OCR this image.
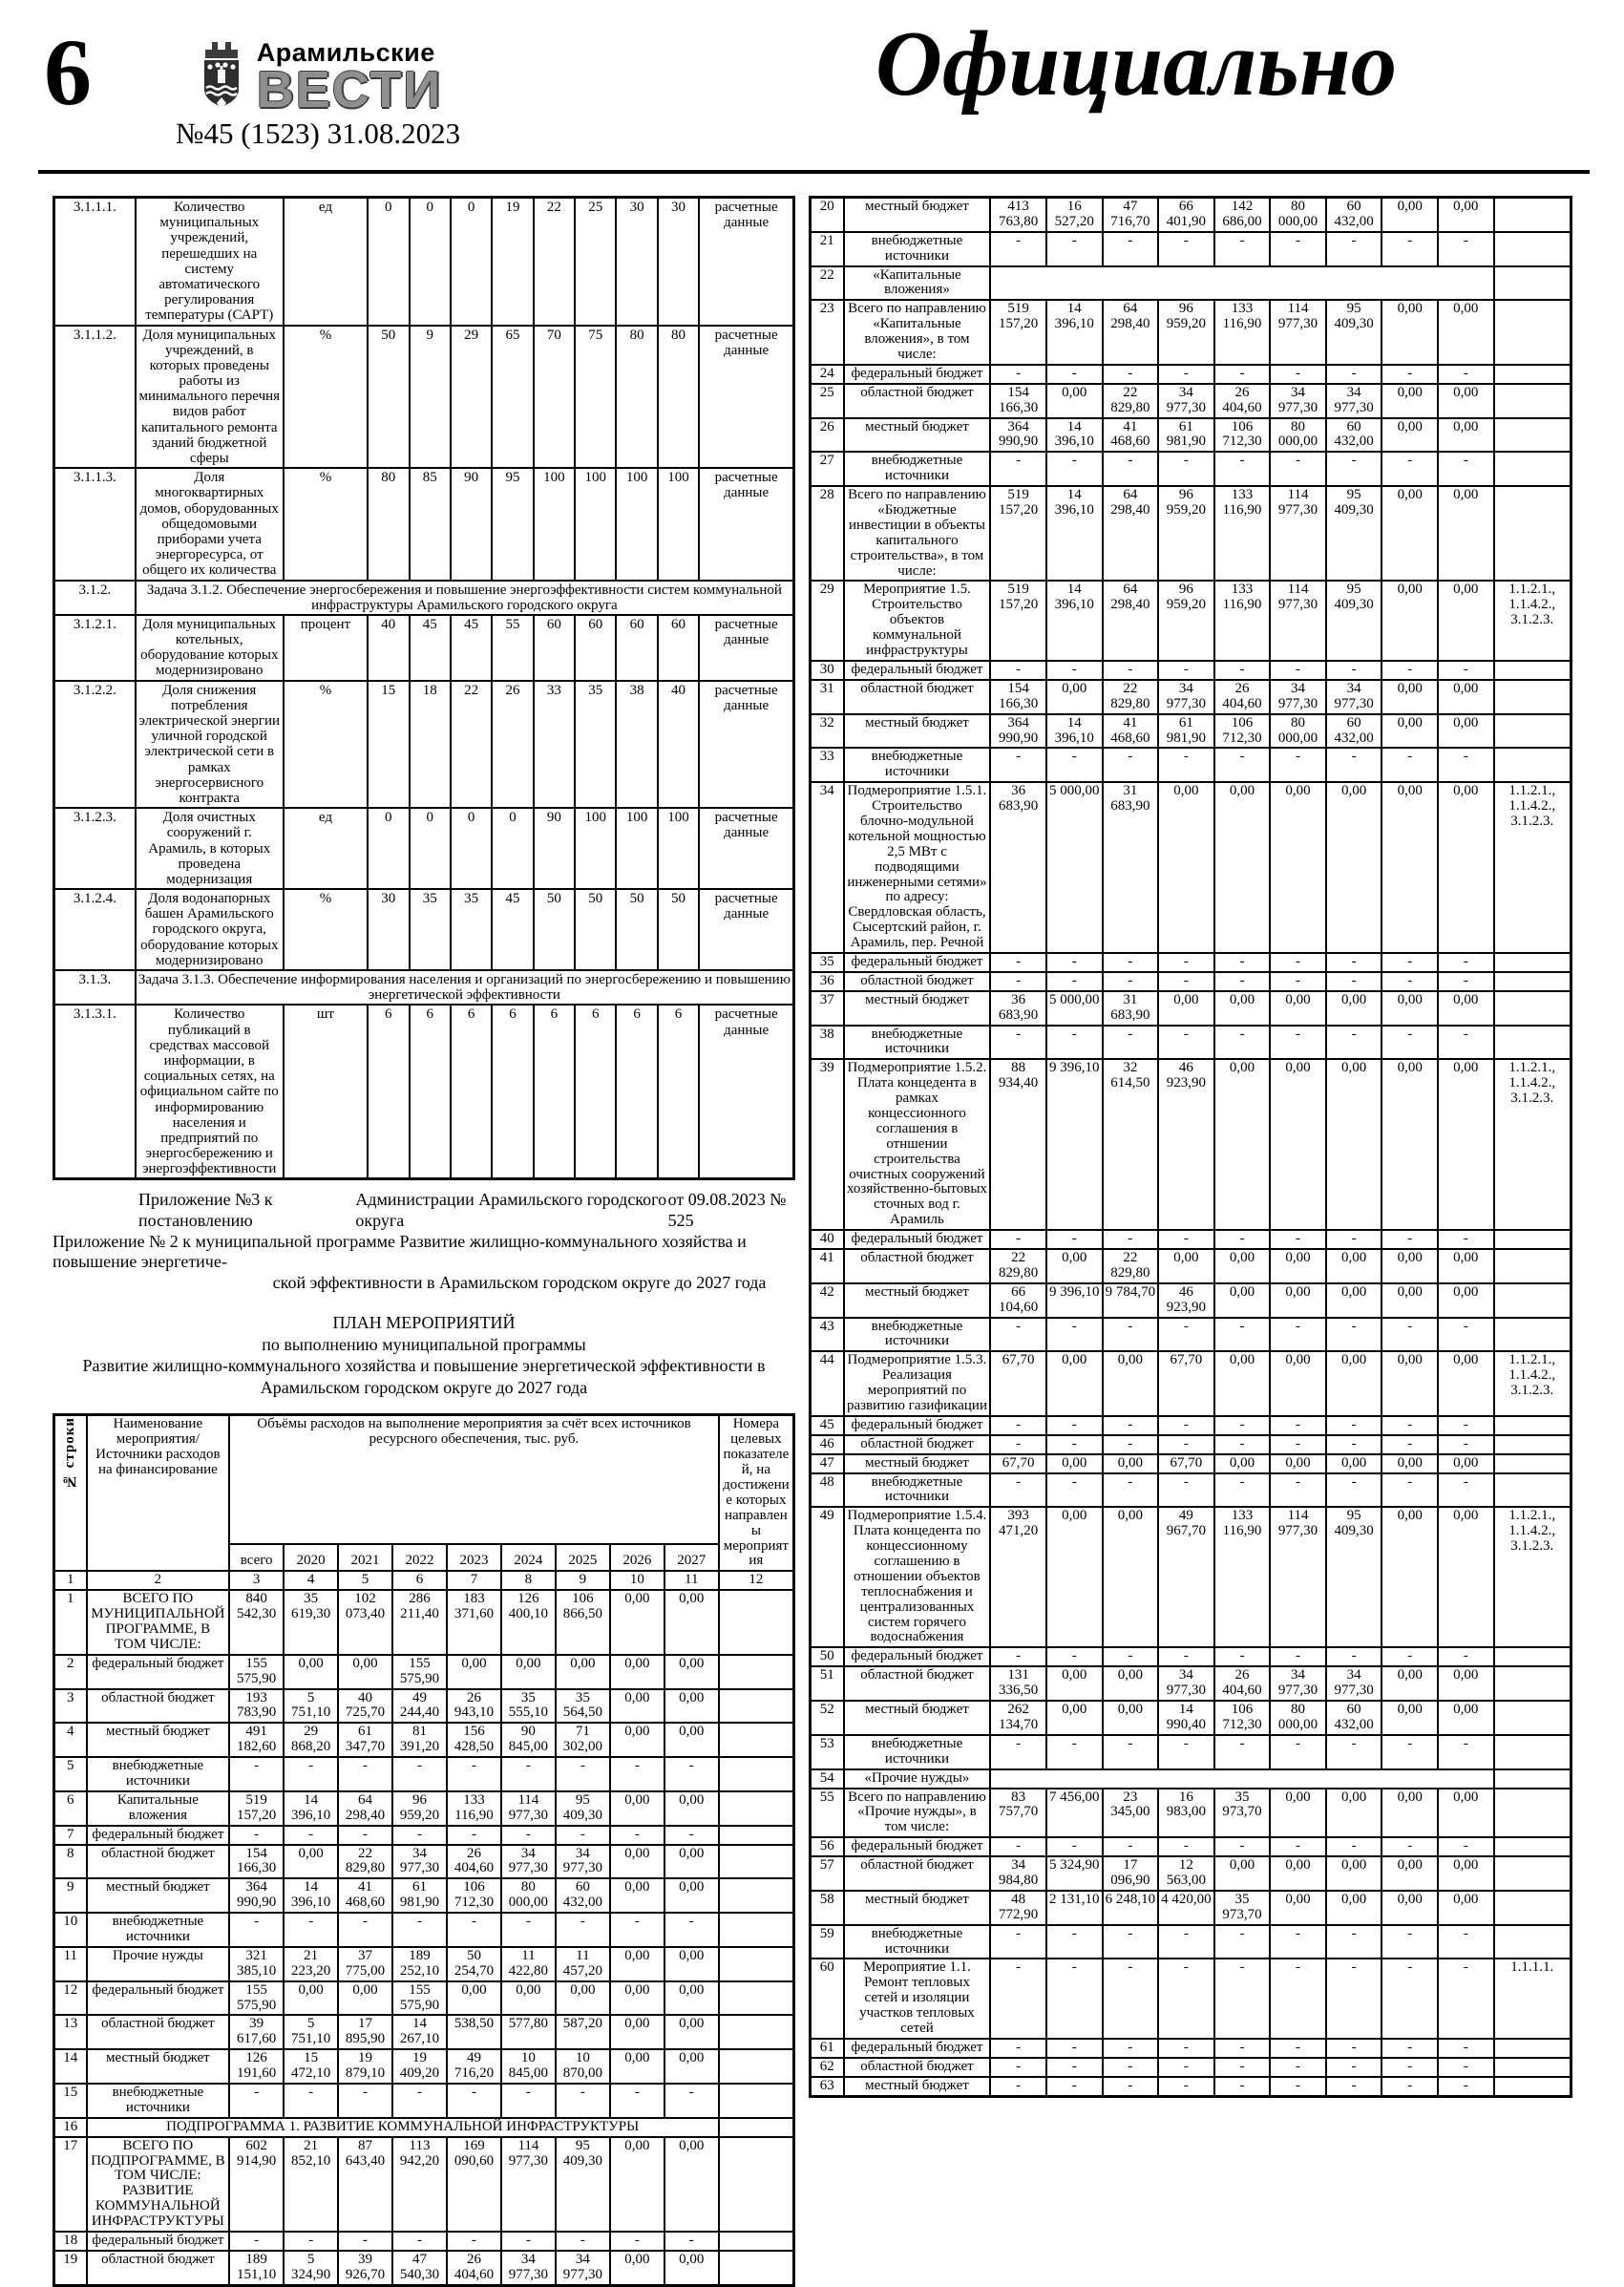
6	Арамильские
ВЕСТИ
№45 (1523) 31.08.2023
Официально
3.1.1.1.	Количество муниципальных учреждений, перешедших на систему автоматического регулирования температуры (САРТ)	ед	0	0	0	19	22	25	30	30	расчетные данные
3.1.1.2.	Доля муниципальных учреждений, в которых проведены работы из минимального перечня видов работ капитального ремонта зданий бюджетной сферы	%	50	9	29	65	70	75	80	80	расчетные данные
3.1.1.3.	Доля многоквартирных домов, оборудованных общедомовыми приборами учета энергоресурса, от общего их количества	%	80	85	90	95	100	100	100	100	расчетные данные
3.1.2.	Задача 3.1.2. Обеспечение энергосбережения и повышение энергоэффективности систем коммунальной инфраструктуры Арамильского городского округа										
3.1.2.1.	Доля муниципальных котельных, оборудование которых модернизировано	процент	40	45	45	55	60	60	60	60	расчетные данные
3.1.2.2.	Доля снижения потребления электрической энергии уличной городской электрической сети в рамках энергосервисного контракта	%	15	18	22	26	33	35	38	40	расчетные данные
3.1.2.3.	Доля очистных сооружений г. Арамиль, в которых проведена модернизация	ед	0	0	0	0	90	100	100	100	расчетные данные
3.1.2.4.	Доля водонапорных башен Арамильского городского округа, оборудование которых модернизировано	%	30	35	35	45	50	50	50	50	расчетные данные
3.1.3.	Задача 3.1.3. Обеспечение информирования населения и организаций по энергосбережению и повышению энергетической эффективности										
3.1.3.1.	Количество публикаций в средствах массовой информации, в социальных сетях, на официальном сайте по информированию населения и предприятий по энергосбережению и энергоэффективности	шт	6	6	6	6	6	6	6	6	расчетные данные
Приложение №3 к постановлению
Администрации Арамильского городского округа
от 09.08.2023 № 525
Приложение № 2 к муниципальной программе Развитие жилищно-коммунального хозяйства и повышение энергетиче-
ской эффективности в Арамильском городском округе до 2027 года
ПЛАН МЕРОПРИЯТИЙ
по выполнению муниципальной программы
Развитие жилищно-коммунального хозяйства и повышение энергетической эффективности в Арамильском городском округе до 2027 года
№ строки	Наименование мероприятия/Источники расходов на финансирование	Объёмы расходов на выполнение мероприятия за счёт всех источников ресурсного обеспечения, тыс. руб.									Номера целевых показателей, на достижение которых направлены мероприятия
		всего	2020	2021	2022	2023	2024	2025	2026	2027	
1	2	3	4	5	6	7	8	9	10	11	12
1	ВСЕГО ПО МУНИЦИПАЛЬНОЙ ПРОГРАММЕ, В ТОМ ЧИСЛЕ:	840 542,30	35 619,30	102 073,40	286 211,40	183 371,60	126 400,10	106 866,50	0,00	0,00	
2	федеральный бюджет	155 575,90	0,00	0,00	155 575,90	0,00	0,00	0,00	0,00	0,00	
3	областной бюджет	193 783,90	5 751,10	40 725,70	49 244,40	26 943,10	35 555,10	35 564,50	0,00	0,00	
4	местный бюджет	491 182,60	29 868,20	61 347,70	81 391,20	156 428,50	90 845,00	71 302,00	0,00	0,00	
5	внебюджетные источники	-	-	-	-	-	-	-	-	-	
6	Капитальные вложения	519 157,20	14 396,10	64 298,40	96 959,20	133 116,90	114 977,30	95 409,30	0,00	0,00	
7	федеральный бюджет	-	-	-	-	-	-	-	-	-	
8	областной бюджет	154 166,30	0,00	22 829,80	34 977,30	26 404,60	34 977,30	34 977,30	0,00	0,00	
9	местный бюджет	364 990,90	14 396,10	41 468,60	61 981,90	106 712,30	80 000,00	60 432,00	0,00	0,00	
10	внебюджетные источники	-	-	-	-	-	-	-	-	-	
11	Прочие нужды	321 385,10	21 223,20	37 775,00	189 252,10	50 254,70	11 422,80	11 457,20	0,00	0,00	
12	федеральный бюджет	155 575,90	0,00	0,00	155 575,90	0,00	0,00	0,00	0,00	0,00	
13	областной бюджет	39 617,60	5 751,10	17 895,90	14 267,10	538,50	577,80	587,20	0,00	0,00	
14	местный бюджет	126 191,60	15 472,10	19 879,10	19 409,20	49 716,20	10 845,00	10 870,00	0,00	0,00	
15	внебюджетные источники	-	-	-	-	-	-	-	-	-	
16	ПОДПРОГРАММА 1. РАЗВИТИЕ КОММУНАЛЬНОЙ ИНФРАСТРУКТУРЫ										
17	ВСЕГО ПО ПОДПРОГРАММЕ, В ТОМ ЧИСЛЕ: РАЗВИТИЕ КОММУНАЛЬНОЙ ИНФРАСТРУКТУРЫ	602 914,90	21 852,10	87 643,40	113 942,20	169 090,60	114 977,30	95 409,30	0,00	0,00	
18	федеральный бюджет	-	-	-	-	-	-	-	-	-	
19	областной бюджет	189 151,10	5 324,90	39 926,70	47 540,30	26 404,60	34 977,30	34 977,30	0,00	0,00	
20	местный бюджет	413 763,80	16 527,20	47 716,70	66 401,90	142 686,00	80 000,00	60 432,00	0,00	0,00	
21	внебюджетные источники	-	-	-	-	-	-	-	-	-	
22	«Капитальные вложения»										
23	Всего по направлению «Капитальные вложения», в том числе:	519 157,20	14 396,10	64 298,40	96 959,20	133 116,90	114 977,30	95 409,30	0,00	0,00	
24	федеральный бюджет	-	-	-	-	-	-	-	-	-	
25	областной бюджет	154 166,30	0,00	22 829,80	34 977,30	26 404,60	34 977,30	34 977,30	0,00	0,00	
26	местный бюджет	364 990,90	14 396,10	41 468,60	61 981,90	106 712,30	80 000,00	60 432,00	0,00	0,00	
27	внебюджетные источники	-	-	-	-	-	-	-	-	-	
28	Всего по направлению «Бюджетные инвестиции в объекты капитального строительства», в том числе:	519 157,20	14 396,10	64 298,40	96 959,20	133 116,90	114 977,30	95 409,30	0,00	0,00	
29	Мероприятие 1.5. Строительство объектов коммунальной инфраструктуры	519 157,20	14 396,10	64 298,40	96 959,20	133 116,90	114 977,30	95 409,30	0,00	0,00	1.1.2.1., 1.1.4.2., 3.1.2.3.
30	федеральный бюджет	-	-	-	-	-	-	-	-	-	
31	областной бюджет	154 166,30	0,00	22 829,80	34 977,30	26 404,60	34 977,30	34 977,30	0,00	0,00	
32	местный бюджет	364 990,90	14 396,10	41 468,60	61 981,90	106 712,30	80 000,00	60 432,00	0,00	0,00	
33	внебюджетные источники	-	-	-	-	-	-	-	-	-	
34	Подмероприятие 1.5.1. Строительство блочно-модульной котельной мощностью 2,5 МВт с подводящими инженерными сетями» по адресу: Свердловская область, Сысертский район, г. Арамиль, пер. Речной	36 683,90	5 000,00	31 683,90	0,00	0,00	0,00	0,00	0,00	0,00	1.1.2.1., 1.1.4.2., 3.1.2.3.
35	федеральный бюджет	-	-	-	-	-	-	-	-	-	
36	областной бюджет	-	-	-	-	-	-	-	-	-	
37	местный бюджет	36 683,90	5 000,00	31 683,90	0,00	0,00	0,00	0,00	0,00	0,00	
38	внебюджетные источники	-	-	-	-	-	-	-	-	-	
39	Подмероприятие 1.5.2. Плата концедента в рамках концессионного соглашения в отншении строительства очистных сооружений хозяйственно-бытовых сточных вод г. Арамиль	88 934,40	9 396,10	32 614,50	46 923,90	0,00	0,00	0,00	0,00	0,00	1.1.2.1., 1.1.4.2., 3.1.2.3.
40	федеральный бюджет	-	-	-	-	-	-	-	-	-	
41	областной бюджет	22 829,80	0,00	22 829,80	0,00	0,00	0,00	0,00	0,00	0,00	
42	местный бюджет	66 104,60	9 396,10	9 784,70	46 923,90	0,00	0,00	0,00	0,00	0,00	
43	внебюджетные источники	-	-	-	-	-	-	-	-	-	
44	Подмероприятие 1.5.3. Реализация мероприятий по развитию газификации	67,70	0,00	0,00	67,70	0,00	0,00	0,00	0,00	0,00	1.1.2.1., 1.1.4.2., 3.1.2.3.
45	федеральный бюджет	-	-	-	-	-	-	-	-	-	
46	областной бюджет	-	-	-	-	-	-	-	-	-	
47	местный бюджет	67,70	0,00	0,00	67,70	0,00	0,00	0,00	0,00	0,00	
48	внебюджетные источники	-	-	-	-	-	-	-	-	-	
49	Подмероприятие 1.5.4. Плата концедента по концессионному соглашению в отношении объектов теплоснабжения и централизованных систем горячего водоснабжения	393 471,20	0,00	0,00	49 967,70	133 116,90	114 977,30	95 409,30	0,00	0,00	1.1.2.1., 1.1.4.2., 3.1.2.3.
50	федеральный бюджет	-	-	-	-	-	-	-	-	-	
51	областной бюджет	131 336,50	0,00	0,00	34 977,30	26 404,60	34 977,30	34 977,30	0,00	0,00	
52	местный бюджет	262 134,70	0,00	0,00	14 990,40	106 712,30	80 000,00	60 432,00	0,00	0,00	
53	внебюджетные источники	-	-	-	-	-	-	-	-	-	
54	«Прочие нужды»										
55	Всего по направлению «Прочие нужды», в том числе:	83 757,70	7 456,00	23 345,00	16 983,00	35 973,70	0,00	0,00	0,00	0,00	
56	федеральный бюджет	-	-	-	-	-	-	-	-	-	
57	областной бюджет	34 984,80	5 324,90	17 096,90	12 563,00	0,00	0,00	0,00	0,00	0,00	
58	местный бюджет	48 772,90	2 131,10	6 248,10	4 420,00	35 973,70	0,00	0,00	0,00	0,00	
59	внебюджетные источники	-	-	-	-	-	-	-	-	-	
60	Мероприятие 1.1. Ремонт тепловых сетей и изоляции участков тепловых сетей	-	-	-	-	-	-	-	-	-	1.1.1.1.
61	федеральный бюджет	-	-	-	-	-	-	-	-	-	
62	областной бюджет	-	-	-	-	-	-	-	-	-	
63	местный бюджет	-	-	-	-	-	-	-	-	-	
